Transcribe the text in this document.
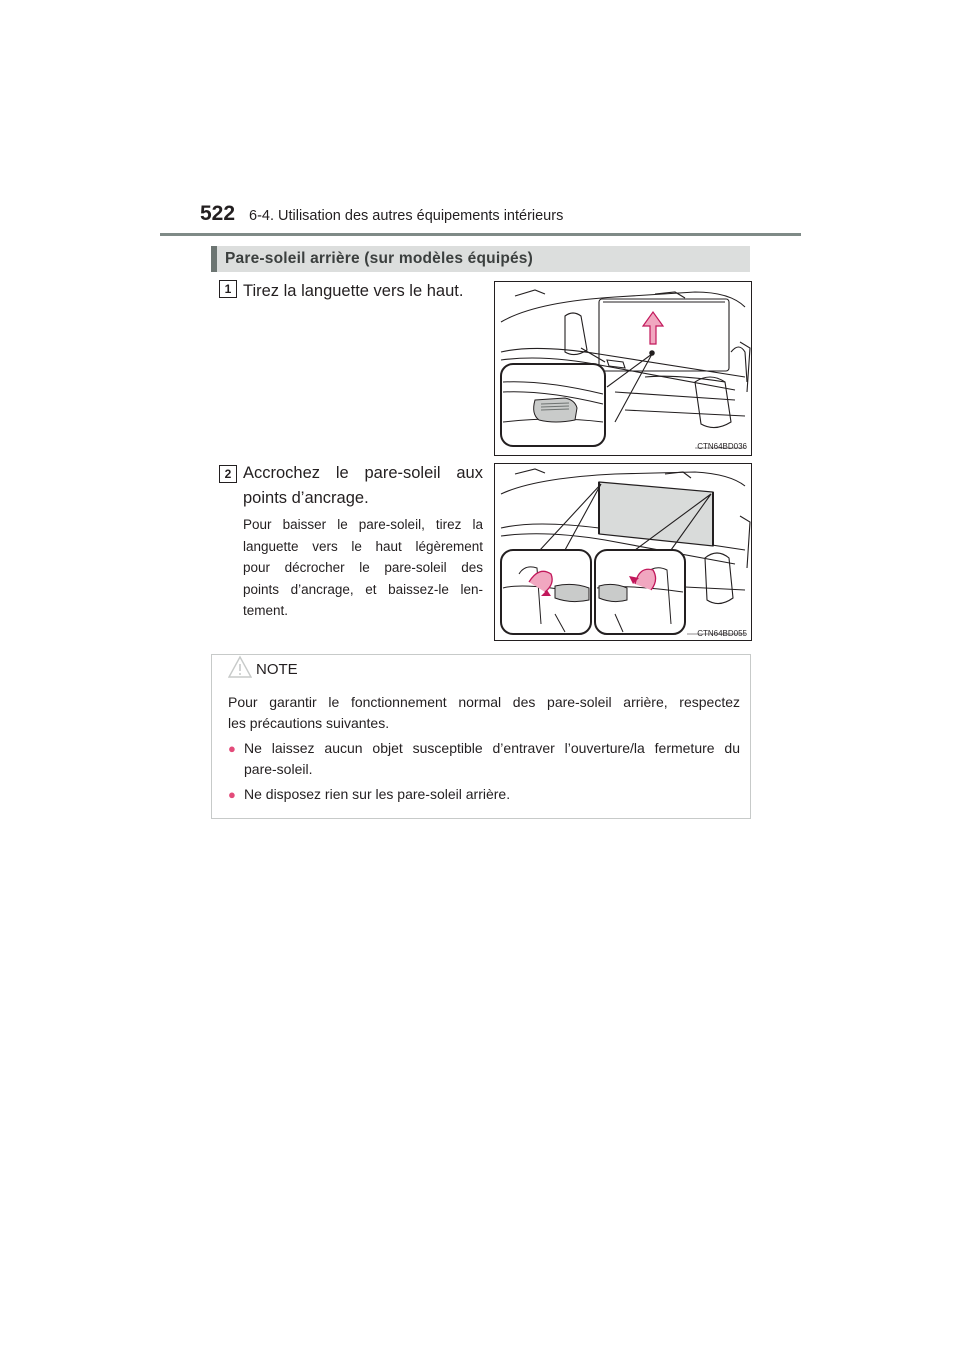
522 6-4. Utilisation des autres équipements intérieurs
Pare-soleil arrière (sur modèles équipés)
1 Tirez la languette vers le haut.
CTN64BD036
2 Accrochez le pare-soleil aux
points d’ancrage.
Pour baisser le pare-soleil, tirez la
languette vers le haut légèrement
pour décrocher le pare-soleil des
points d’ancrage, et baissez-le len-
tement.
CTN64BD055
NOTE
Pour garantir le fonctionnement normal des pare-soleil arrière, respectez
les précautions suivantes.
● Ne laissez aucun objet susceptible d’entraver l’ouverture/la fermeture du
pare-soleil.
● Ne disposez rien sur les pare-soleil arrière.
